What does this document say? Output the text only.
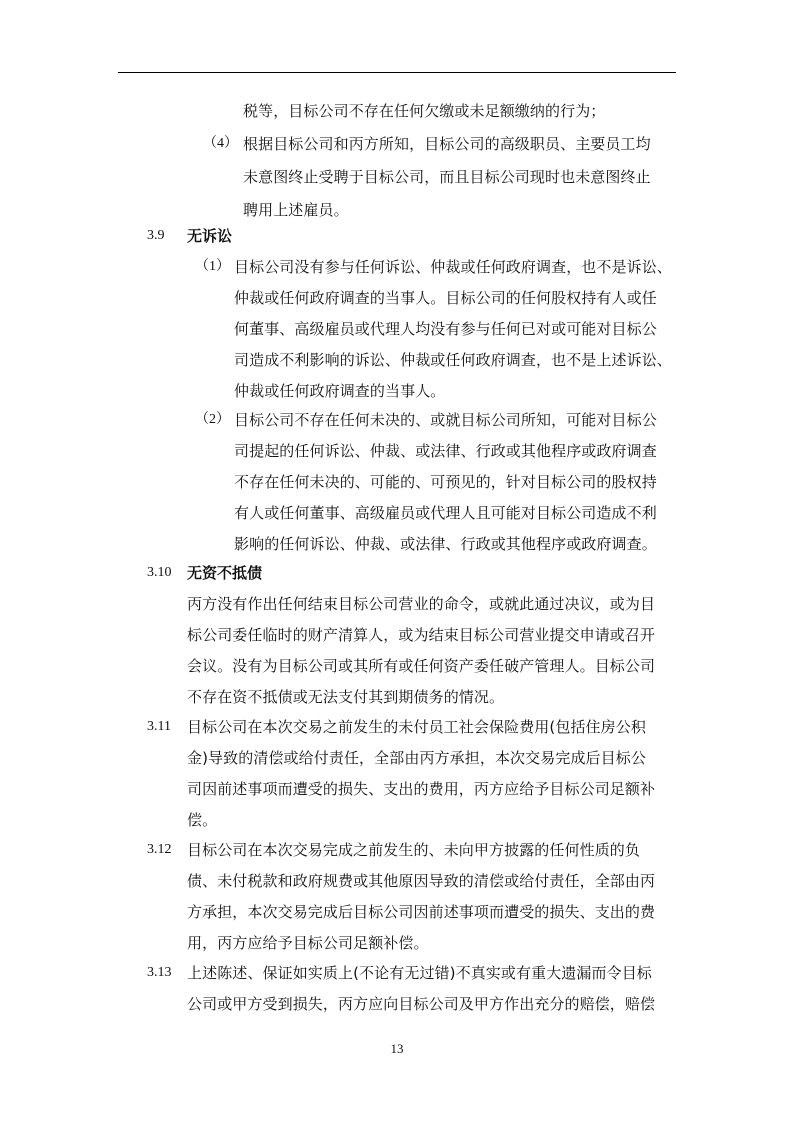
税等，目标公司不存在任何欠缴或未足额缴纳的行为；
（4） 根据目标公司和丙方所知，目标公司的高级职员、主要员工均
未意图终止受聘于目标公司，而且目标公司现时也未意图终止
聘用上述雇员。
3.9 无诉讼
（1） 目标公司没有参与任何诉讼、仲裁或任何政府调查，也不是诉讼、
仲裁或任何政府调查的当事人。目标公司的任何股权持有人或任
何董事、高级雇员或代理人均没有参与任何已对或可能对目标公
司造成不利影响的诉讼、仲裁或任何政府调查，也不是上述诉讼、
仲裁或任何政府调查的当事人。
（2） 目标公司不存在任何未决的、或就目标公司所知，可能对目标公
司提起的任何诉讼、仲裁、或法律、行政或其他程序或政府调查
不存在任何未决的、可能的、可预见的，针对目标公司的股权持
有人或任何董事、高级雇员或代理人且可能对目标公司造成不利
影响的任何诉讼、仲裁、或法律、行政或其他程序或政府调查。
3.10 无资不抵债
丙方没有作出任何结束目标公司营业的命令，或就此通过决议，或为目
标公司委任临时的财产清算人，或为结束目标公司营业提交申请或召开
会议。没有为目标公司或其所有或任何资产委任破产管理人。目标公司
不存在资不抵债或无法支付其到期债务的情况。
3.11 目标公司在本次交易之前发生的未付员工社会保险费用(包括住房公积
金)导致的清偿或给付责任，全部由丙方承担，本次交易完成后目标公
司因前述事项而遭受的损失、支出的费用，丙方应给予目标公司足额补
偿。
3.12 目标公司在本次交易完成之前发生的、未向甲方披露的任何性质的负
债、未付税款和政府规费或其他原因导致的清偿或给付责任，全部由丙
方承担，本次交易完成后目标公司因前述事项而遭受的损失、支出的费
用，丙方应给予目标公司足额补偿。
3.13 上述陈述、保证如实质上(不论有无过错)不真实或有重大遗漏而令目标
公司或甲方受到损失，丙方应向目标公司及甲方作出充分的赔偿，赔偿
13
